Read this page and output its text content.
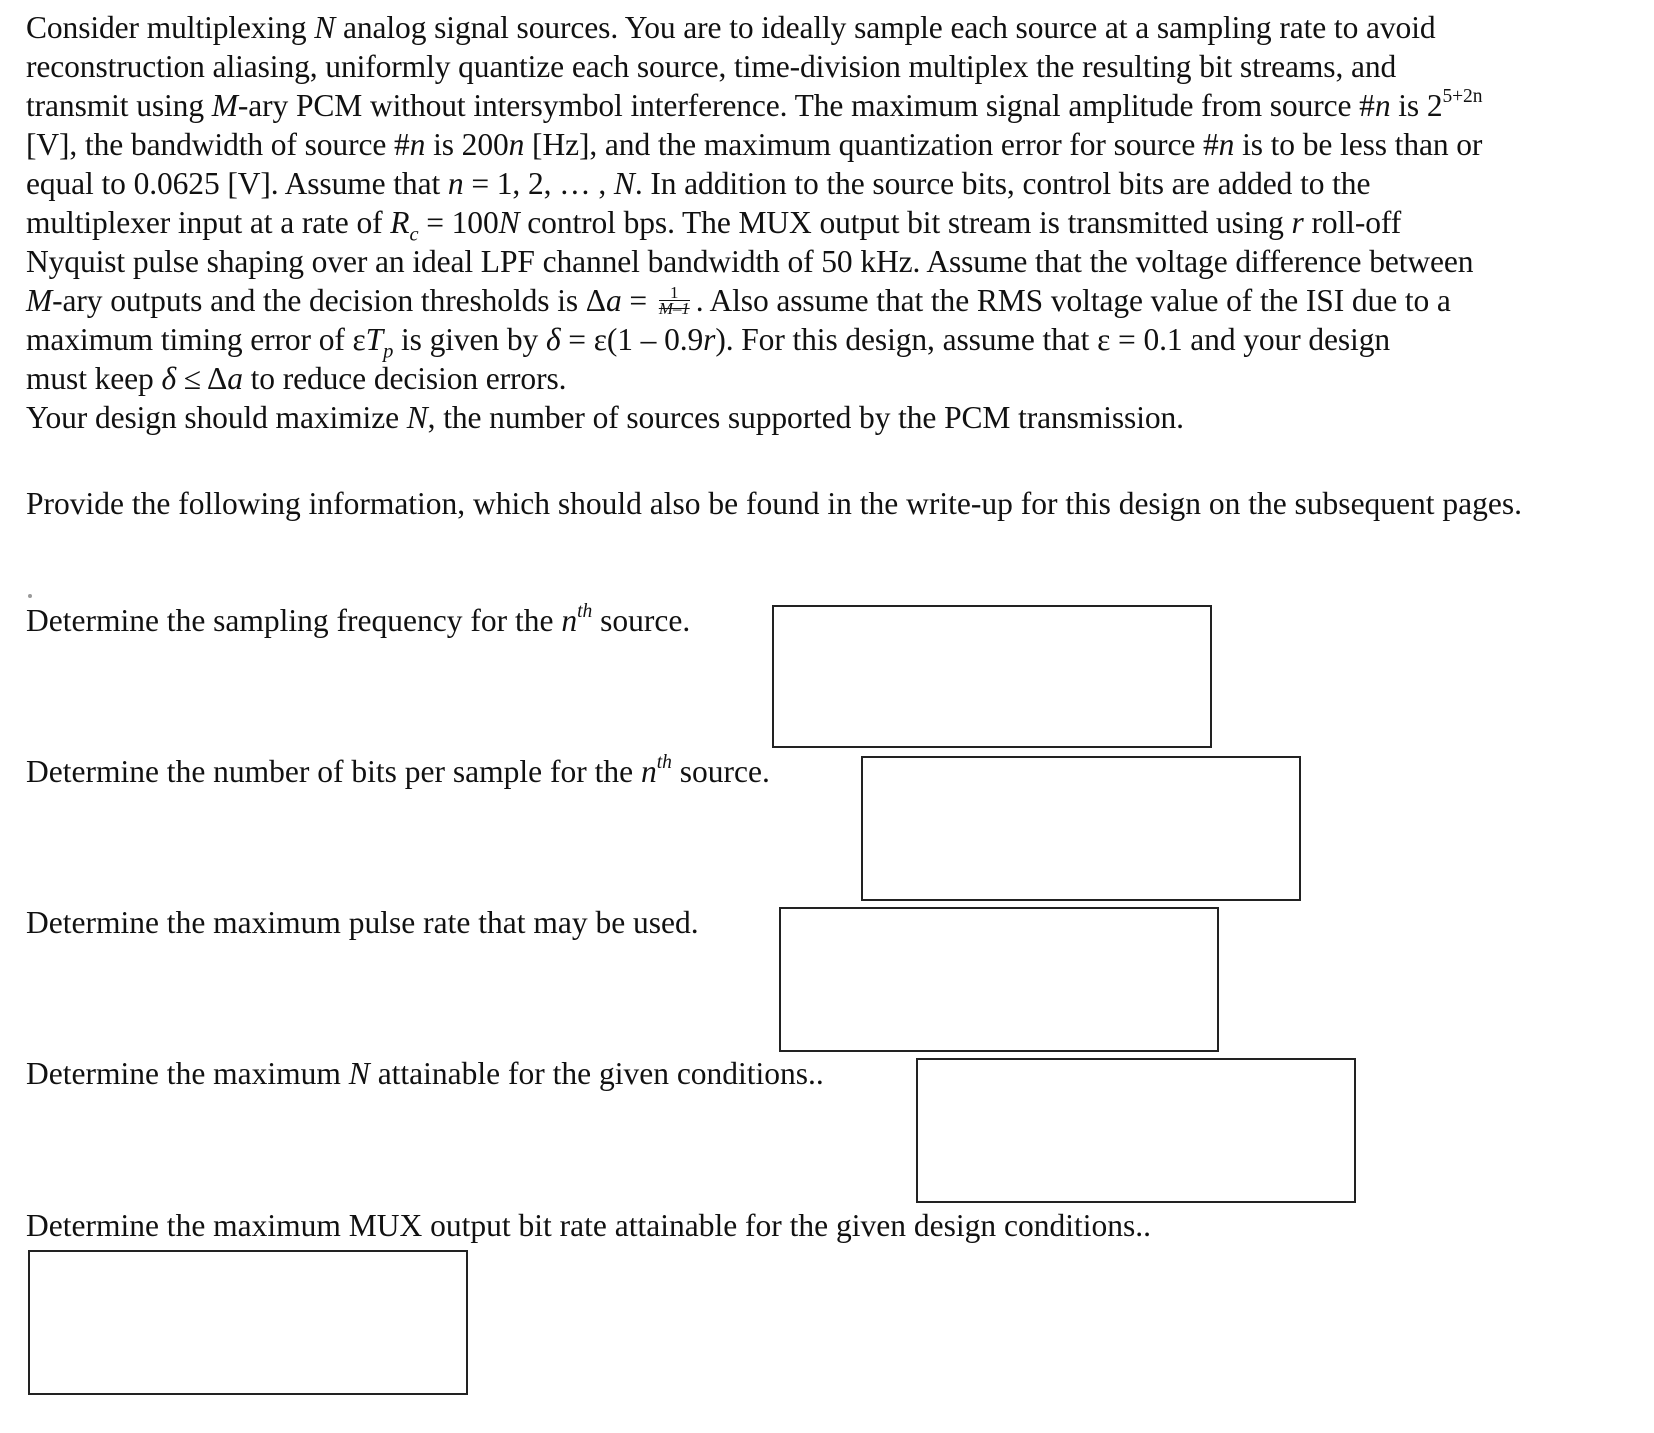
Consider multiplexing N analog signal sources. You are to ideally sample each source at a sampling rate to avoid
reconstruction aliasing, uniformly quantize each source, time-division multiplex the resulting bit streams, and
transmit using M-ary PCM without intersymbol interference. The maximum signal amplitude from source #n is $2^{5+2n}$
[V], the bandwidth of source #n is 200n [Hz], and the maximum quantization error for source #n is to be less than or
equal to 0.0625 [V]. Assume that n = 1, 2, … , N. In addition to the source bits, control bits are added to the
multiplexer input at a rate of $R_c = 100N$ control bps. The MUX output bit stream is transmitted using r roll-off
Nyquist pulse shaping over an ideal LPF channel bandwidth of 50 kHz. Assume that the voltage difference between
M-ary outputs and the decision thresholds is $\Delta a = \frac{1}{M-1}$ . Also assume that the RMS voltage value of the ISI due to a
maximum timing error of $\varepsilon T_p$ is given by δ = ε(1 – 0.9r). For this design, assume that ε = 0.1 and your design
must keep δ ≤ Δa to reduce decision errors.
Your design should maximize N, the number of sources supported by the PCM transmission.
Provide the following information, which should also be found in the write-up for this design on the subsequent pages.
Determine the sampling frequency for the $n^{th}$ source.
Determine the number of bits per sample for the $n^{th}$ source.
Determine the maximum pulse rate that may be used.
Determine the maximum N attainable for the given conditions..
Determine the maximum MUX output bit rate attainable for the given design conditions..
